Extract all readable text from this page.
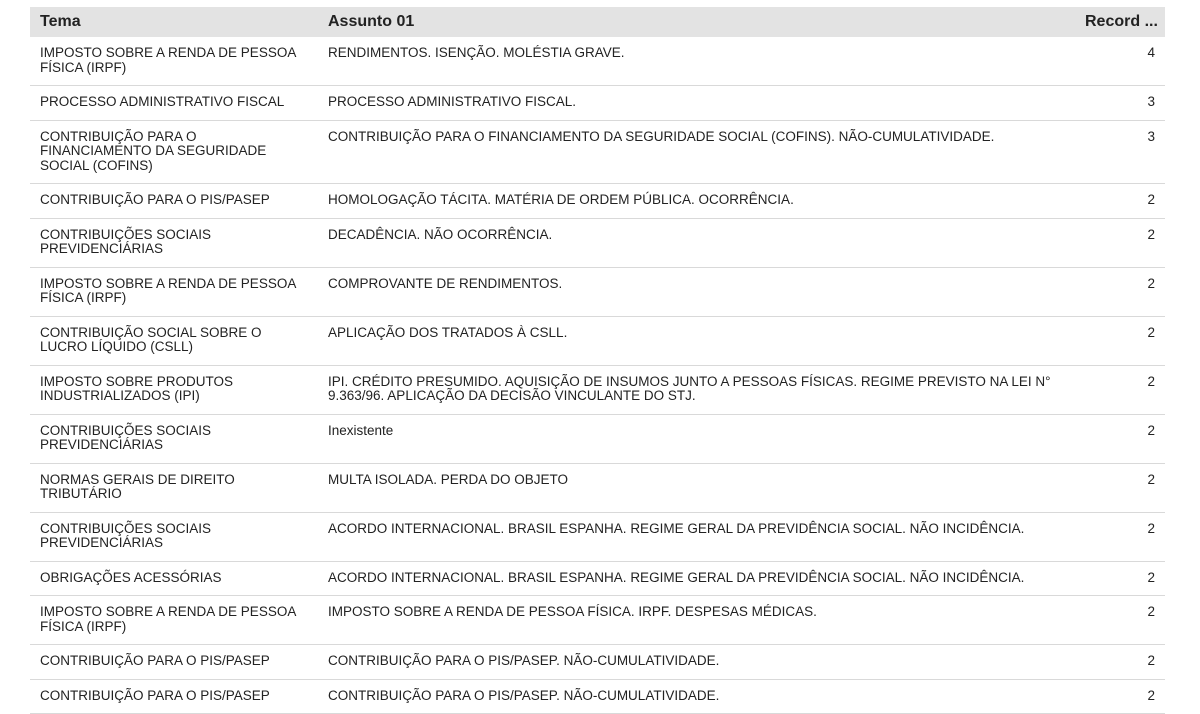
Tema	Assunto 01	Record ...
IMPOSTO SOBRE A RENDA DE PESSOA FÍSICA (IRPF)	RENDIMENTOS. ISENÇÃO. MOLÉSTIA GRAVE.	4
PROCESSO ADMINISTRATIVO FISCAL	PROCESSO ADMINISTRATIVO FISCAL.	3
CONTRIBUIÇÃO PARA O FINANCIAMENTO DA SEGURIDADE SOCIAL (COFINS)	CONTRIBUIÇÃO PARA O FINANCIAMENTO DA SEGURIDADE SOCIAL (COFINS). NÃO-CUMULATIVIDADE.	3
CONTRIBUIÇÃO PARA O PIS/PASEP	HOMOLOGAÇÃO TÁCITA. MATÉRIA DE ORDEM PÚBLICA. OCORRÊNCIA.	2
CONTRIBUIÇÕES SOCIAIS PREVIDENCIÁRIAS	DECADÊNCIA. NÃO OCORRÊNCIA.	2
IMPOSTO SOBRE A RENDA DE PESSOA FÍSICA (IRPF)	COMPROVANTE DE RENDIMENTOS.	2
CONTRIBUIÇÃO SOCIAL SOBRE O LUCRO LÍQUIDO (CSLL)	APLICAÇÃO DOS TRATADOS À CSLL.	2
IMPOSTO SOBRE PRODUTOS INDUSTRIALIZADOS (IPI)	IPI. CRÉDITO PRESUMIDO. AQUISIÇÃO DE INSUMOS JUNTO A PESSOAS FÍSICAS. REGIME PREVISTO NA LEI N° 9.363/96. APLICAÇÃO DA DECISÃO VINCULANTE DO STJ.	2
CONTRIBUIÇÕES SOCIAIS PREVIDENCIÁRIAS	Inexistente	2
NORMAS GERAIS DE DIREITO TRIBUTÁRIO	MULTA ISOLADA. PERDA DO OBJETO	2
CONTRIBUIÇÕES SOCIAIS PREVIDENCIÁRIAS	ACORDO INTERNACIONAL. BRASIL ESPANHA. REGIME GERAL DA PREVIDÊNCIA SOCIAL. NÃO INCIDÊNCIA.	2
OBRIGAÇÕES ACESSÓRIAS	ACORDO INTERNACIONAL. BRASIL ESPANHA. REGIME GERAL DA PREVIDÊNCIA SOCIAL. NÃO INCIDÊNCIA.	2
IMPOSTO SOBRE A RENDA DE PESSOA FÍSICA (IRPF)	IMPOSTO SOBRE A RENDA DE PESSOA FÍSICA. IRPF. DESPESAS MÉDICAS.	2
CONTRIBUIÇÃO PARA O PIS/PASEP	CONTRIBUIÇÃO PARA O PIS/PASEP. NÃO-CUMULATIVIDADE.	2
CONTRIBUIÇÃO PARA O PIS/PASEP	CONTRIBUIÇÃO PARA O PIS/PASEP. NÃO-CUMULATIVIDADE.	2
